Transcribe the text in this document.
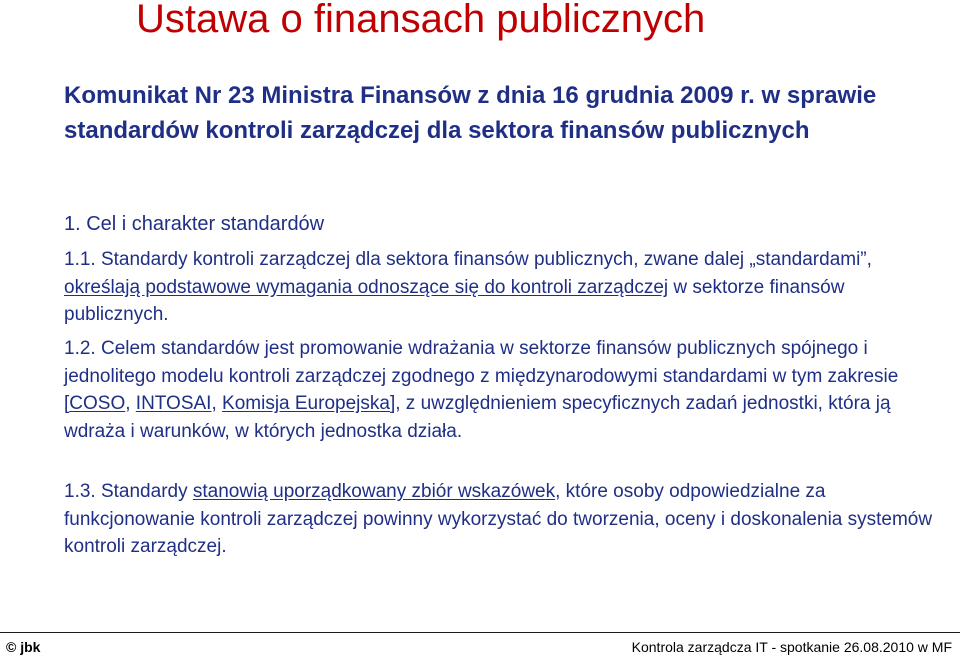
Ustawa o finansach publicznych

Komunikat Nr 23 Ministra Finansów z dnia 16 grudnia 2009 r. w sprawie standardów kontroli zarządczej dla sektora finansów publicznych

1. Cel i charakter standardów
1.1. Standardy kontroli zarządczej dla sektora finansów publicznych, zwane dalej „standardami”, określają podstawowe wymagania odnoszące się do kontroli zarządczej w sektorze finansów publicznych.
1.2. Celem standardów jest promowanie wdrażania w sektorze finansów publicznych spójnego i jednolitego modelu kontroli zarządczej zgodnego z międzynarodowymi standardami w tym zakresie [COSO, INTOSAI, Komisja Europejska], z uwzględnieniem specyficznych zadań jednostki, która ją wdraża i warunków, w których jednostka działa.
1.3. Standardy stanowią uporządkowany zbiór wskazówek, które osoby odpowiedzialne za funkcjonowanie kontroli zarządczej powinny wykorzystać do tworzenia, oceny i doskonalenia systemów kontroli zarządczej.
© jbk	Kontrola zarządcza IT - spotkanie 26.08.2010 w MF
